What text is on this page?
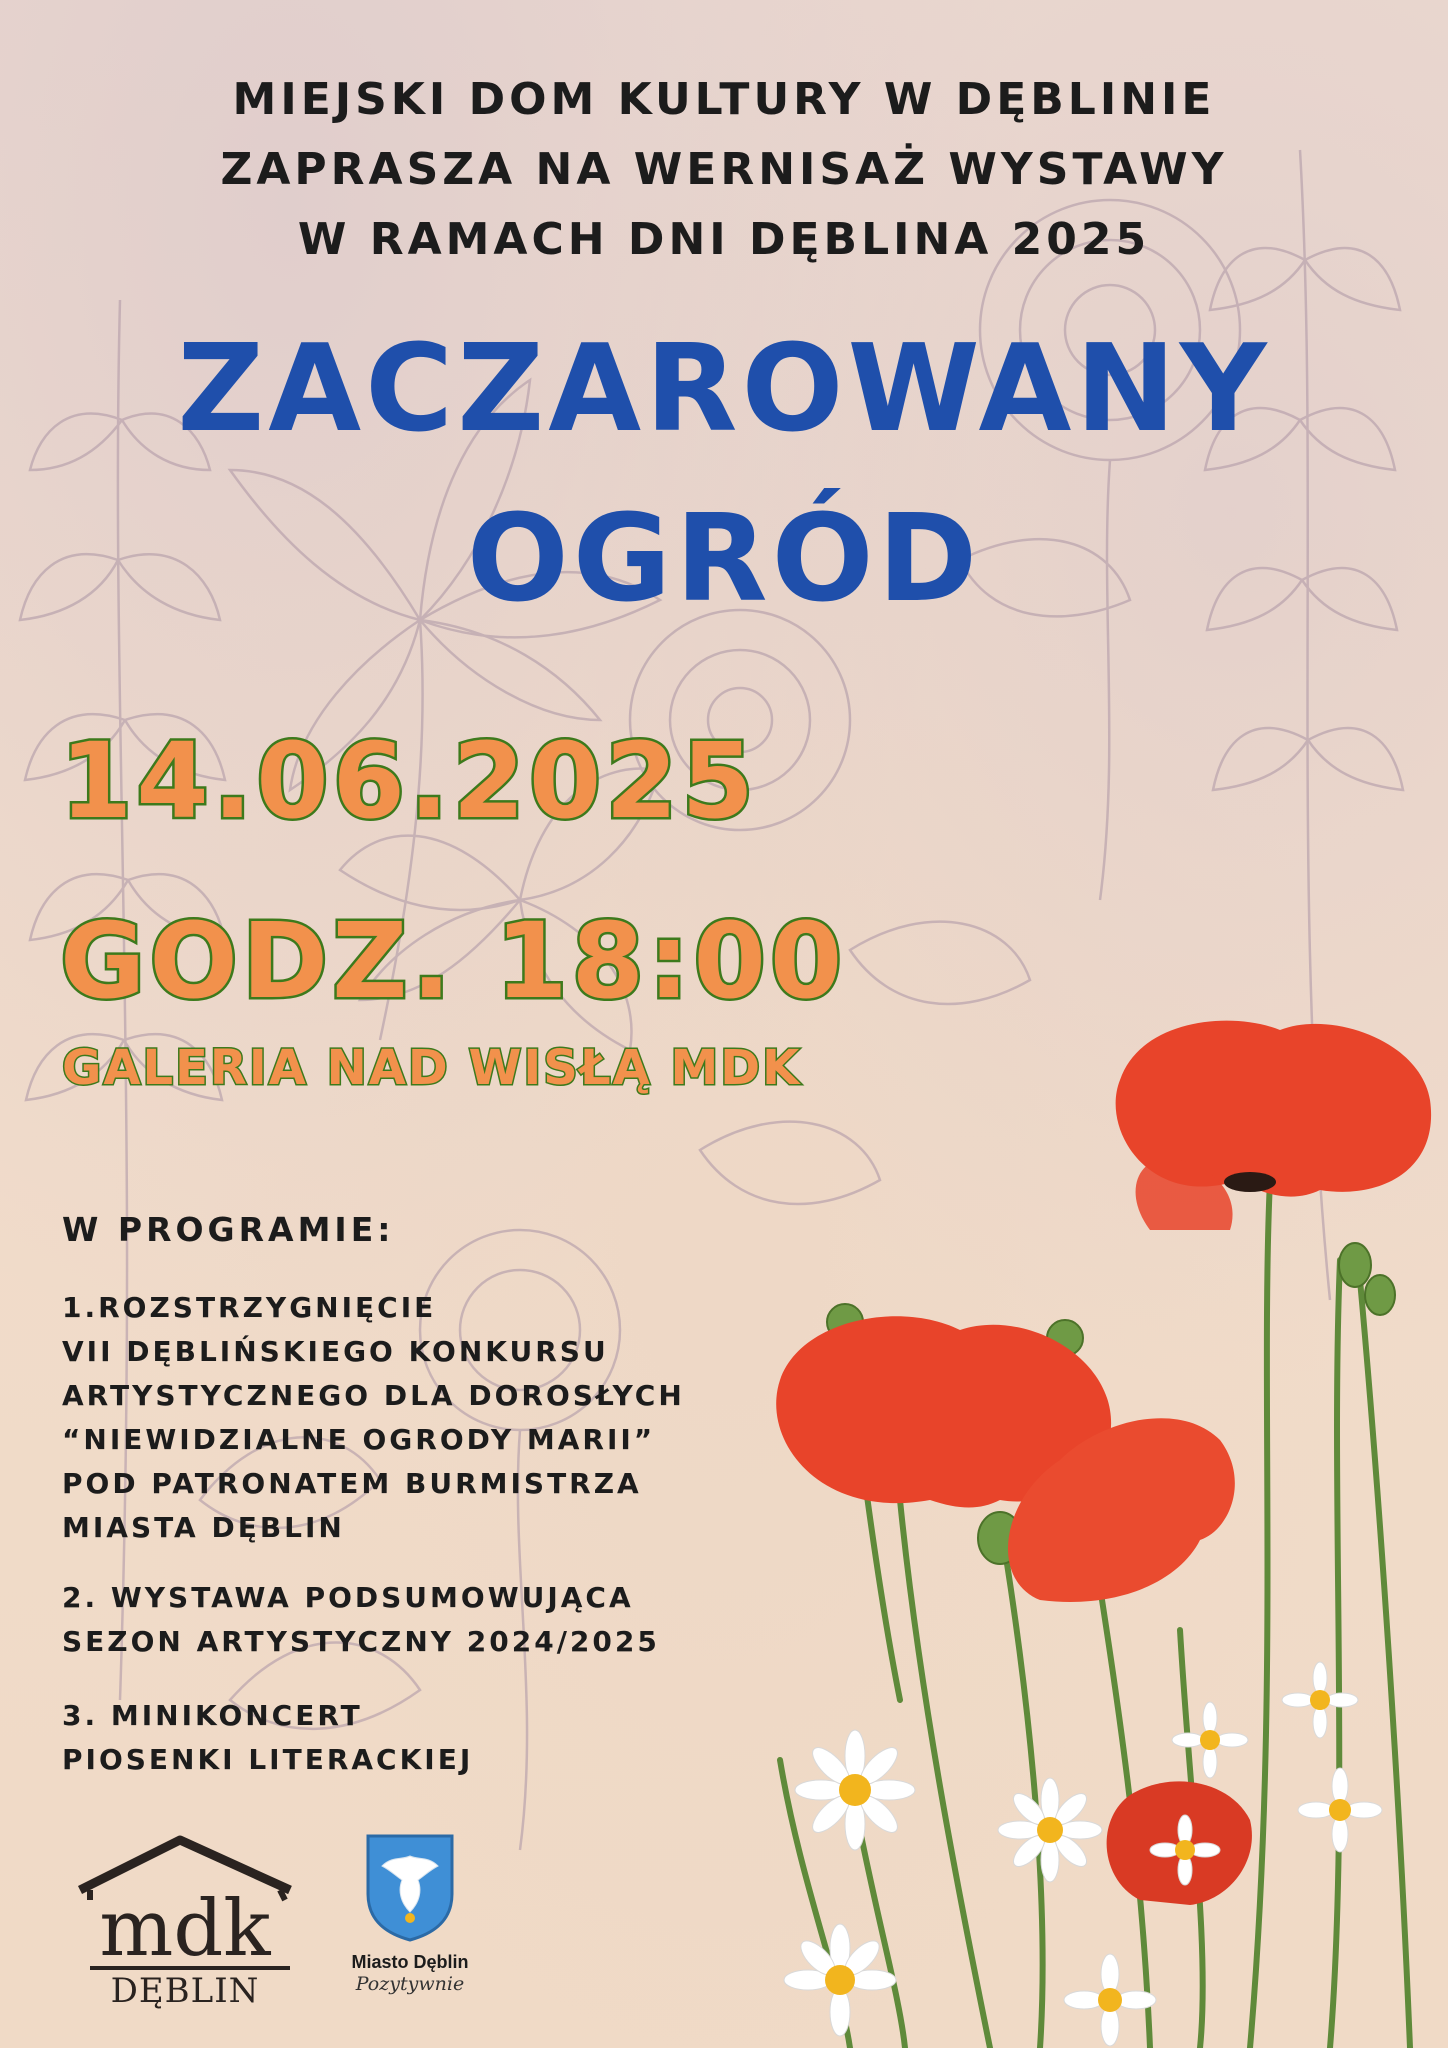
MIEJSKI DOM KULTURY W DĘBLINIE
ZAPRASZA NA WERNISAŻ WYSTAWY
W RAMACH DNI DĘBLINA 2025
ZACZAROWANY
OGRÓD
14.06.2025
GODZ. 18:00
GALERIA NAD WISŁĄ MDK
W PROGRAMIE:
1.ROZSTRZYGNIĘCIE
VII DĘBLIŃSKIEGO KONKURSU
ARTYSTYCZNEGO DLA DOROSŁYCH
“NIEWIDZIALNE OGRODY MARII”
POD PATRONATEM BURMISTRZA
MIASTA DĘBLIN
2. WYSTAWA PODSUMOWUJĄCA
SEZON ARTYSTYCZNY 2024/2025
3. MINIKONCERT
PIOSENKI LITERACKIEJ
mdk
DĘBLIN
Miasto Dęblin
Pozytywnie
